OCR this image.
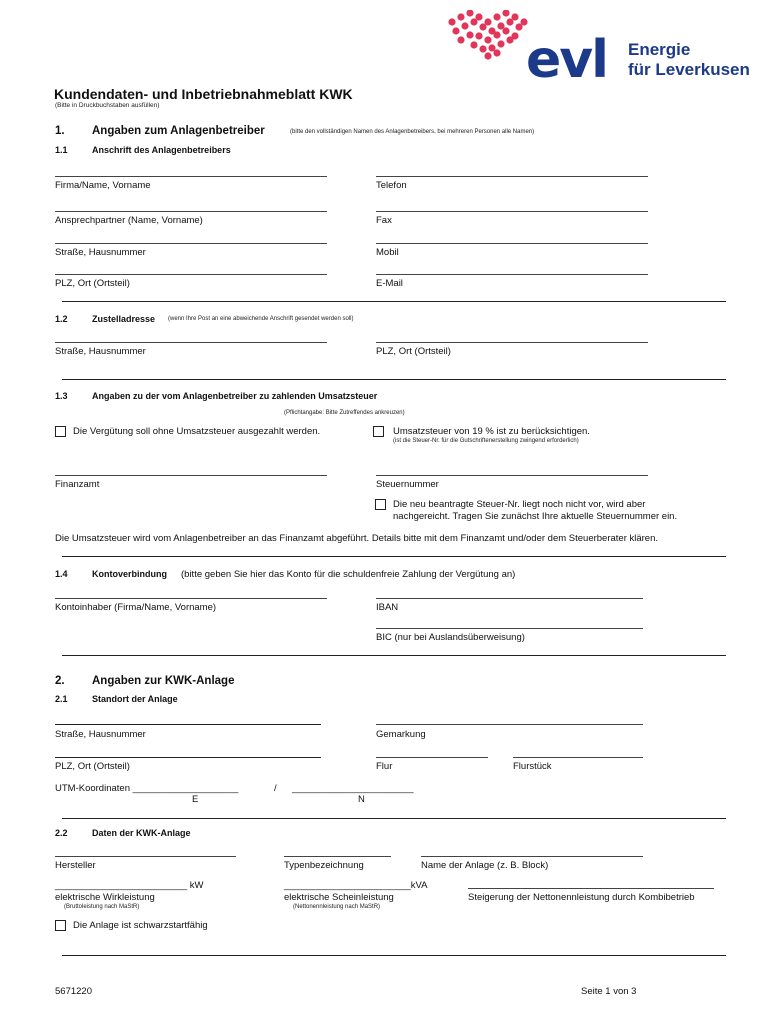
evl Energie
für Leverkusen
Kundendaten- und Inbetriebnahmeblatt KWK
(Bitte in Druckbuchstaben ausfüllen)
1. Angaben zum Anlagenbetreiber	(bitte den vollständigen Namen des Anlagenbetreibers, bei mehreren Personen alle Namen)
1.1	Anschrift des Anlagenbetreibers
Firma/Name, Vorname	Telefon
Ansprechpartner (Name, Vorname)	Fax
Straße, Hausnummer	Mobil
PLZ, Ort (Ortsteil)	E-Mail
1.2	Zustelladresse (wenn Ihre Post an eine abweichende Anschrift gesendet werden soll)
Straße, Hausnummer	PLZ, Ort (Ortsteil)
1.3	Angaben zu der vom Anlagenbetreiber zu zahlenden Umsatzsteuer
(Pflichtangabe: Bitte Zutreffendes ankreuzen)
Die Vergütung soll ohne Umsatzsteuer ausgezahlt werden.	Umsatzsteuer von 19 % ist zu berücksichtigen.
(ist die Steuer-Nr. für die Gutschriftenerstellung zwingend erforderlich)
Finanzamt	Steuernummer
Die neu beantragte Steuer-Nr. liegt noch nicht vor, wird aber
nachgereicht. Tragen Sie zunächst Ihre aktuelle Steuernummer ein.
Die Umsatzsteuer wird vom Anlagenbetreiber an das Finanzamt abgeführt. Details bitte mit dem Finanzamt und/oder dem Steuerberater klären.
1.4	Kontoverbindung (bitte geben Sie hier das Konto für die schuldenfreie Zahlung der Vergütung an)
Kontoinhaber (Firma/Name, Vorname)	IBAN
BIC (nur bei Auslandsüberweisung)
2. Angaben zur KWK-Anlage
2.1	Standort der Anlage
Straße, Hausnummer	Gemarkung
PLZ, Ort (Ortsteil)	Flur	Flurstück
UTM-Koordinaten ____________________	/ _______________________
E	N
2.2	Daten der KWK-Anlage
Hersteller	Typenbezeichnung	Name der Anlage (z. B. Block)
_________________________ kW
elektrische Wirkleistung
(Bruttoleistung nach MaStR)
________________________kVA
elektrische Scheinleistung
(Nettonennleistung nach MaStR)
Steigerung der Nettonennleistung durch Kombibetrieb
Die Anlage ist schwarzstartfähig
5671220	Seite 1 von 3
